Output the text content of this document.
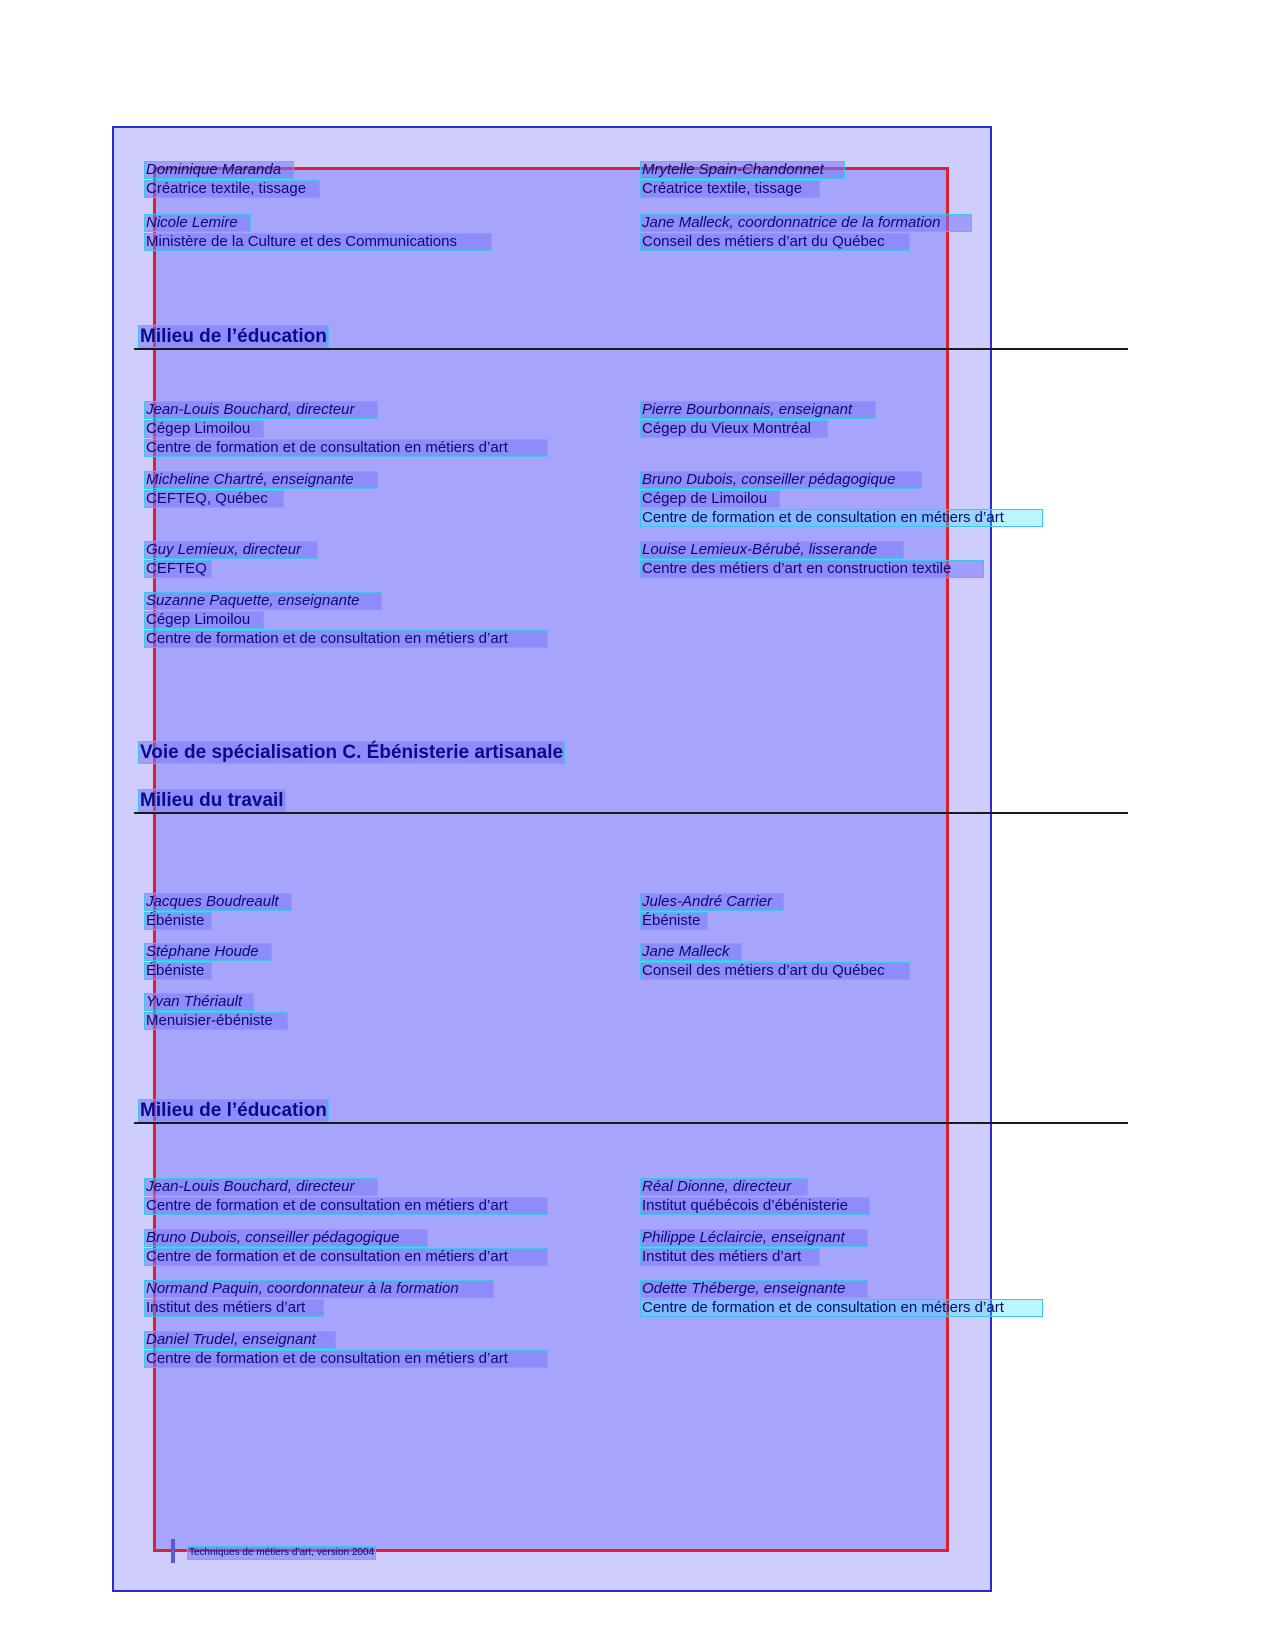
Dominique Maranda
Créatrice textile, tissage
Mrytelle Spain-Chandonnet
Créatrice textile, tissage
Nicole Lemire
Ministère de la Culture et des Communications
Jane Malleck, coordonnatrice de la formation
Conseil des métiers d’art du Québec
Milieu de l’éducation
Jean-Louis Bouchard, directeur
Cégep Limoilou
Centre de formation et de consultation en métiers d’art
Pierre Bourbonnais, enseignant
Cégep du Vieux Montréal
Micheline Chartré, enseignante
CEFTEQ, Québec
Bruno Dubois, conseiller pédagogique
Cégep de Limoilou
Centre de formation et de consultation en métiers d’art
Guy Lemieux, directeur
CEFTEQ
Louise Lemieux-Bérubé, lisserande
Centre des métiers d’art en construction textile
Suzanne Paquette, enseignante
Cégep Limoilou
Centre de formation et de consultation en métiers d’art
Voie de spécialisation C. Ébénisterie artisanale
Milieu du travail
Jacques Boudreault
Ébéniste
Jules-André Carrier
Ébéniste
Stéphane Houde
Ébéniste
Jane Malleck
Conseil des métiers d’art du Québec
Yvan Thériault
Menuisier-ébéniste
Milieu de l’éducation
Jean-Louis Bouchard, directeur
Centre de formation et de consultation en métiers d’art
Réal Dionne, directeur
Institut québécois d’ébénisterie
Bruno Dubois, conseiller pédagogique
Centre de formation et de consultation en métiers d’art
Philippe Léclaircie, enseignant
Institut des métiers d’art
Normand Paquin, coordonnateur à la formation
Institut des métiers d’art
Odette Théberge, enseignante
Centre de formation et de consultation en métiers d’art
Daniel Trudel, enseignant
Centre de formation et de consultation en métiers d’art
Techniques de métiers d’art, version 2004
